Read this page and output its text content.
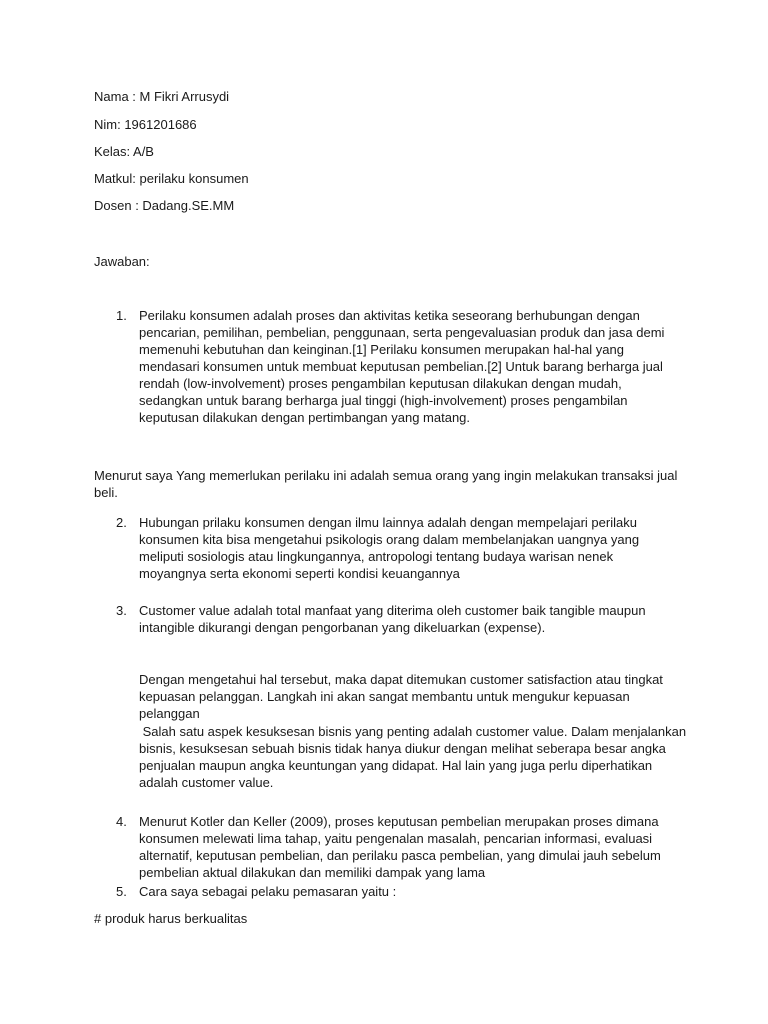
Nama : M Fikri Arrusydi
Nim: 1961201686
Kelas: A/B
Matkul: perilaku konsumen
Dosen : Dadang.SE.MM
Jawaban:
1. Perilaku konsumen adalah proses dan aktivitas ketika seseorang berhubungan dengan
pencarian, pemilihan, pembelian, penggunaan, serta pengevaluasian produk dan jasa demi
memenuhi kebutuhan dan keinginan.[1] Perilaku konsumen merupakan hal-hal yang
mendasari konsumen untuk membuat keputusan pembelian.[2] Untuk barang berharga jual
rendah (low-involvement) proses pengambilan keputusan dilakukan dengan mudah,
sedangkan untuk barang berharga jual tinggi (high-involvement) proses pengambilan
keputusan dilakukan dengan pertimbangan yang matang.
Menurut saya Yang memerlukan perilaku ini adalah semua orang yang ingin melakukan transaksi jual
beli.
2. Hubungan prilaku konsumen dengan ilmu lainnya adalah dengan mempelajari perilaku
konsumen kita bisa mengetahui psikologis orang dalam membelanjakan uangnya yang
meliputi sosiologis atau lingkungannya, antropologi tentang budaya warisan nenek
moyangnya serta ekonomi seperti kondisi keuangannya
3. Customer value adalah total manfaat yang diterima oleh customer baik tangible maupun
intangible dikurangi dengan pengorbanan yang dikeluarkan (expense).
Dengan mengetahui hal tersebut, maka dapat ditemukan customer satisfaction atau tingkat
kepuasan pelanggan. Langkah ini akan sangat membantu untuk mengukur kepuasan
pelanggan
Salah satu aspek kesuksesan bisnis yang penting adalah customer value. Dalam menjalankan
bisnis, kesuksesan sebuah bisnis tidak hanya diukur dengan melihat seberapa besar angka
penjualan maupun angka keuntungan yang didapat. Hal lain yang juga perlu diperhatikan
adalah customer value.
4. Menurut Kotler dan Keller (2009), proses keputusan pembelian merupakan proses dimana
konsumen melewati lima tahap, yaitu pengenalan masalah, pencarian informasi, evaluasi
alternatif, keputusan pembelian, dan perilaku pasca pembelian, yang dimulai jauh sebelum
pembelian aktual dilakukan dan memiliki dampak yang lama
5. Cara saya sebagai pelaku pemasaran yaitu :
# produk harus berkualitas
